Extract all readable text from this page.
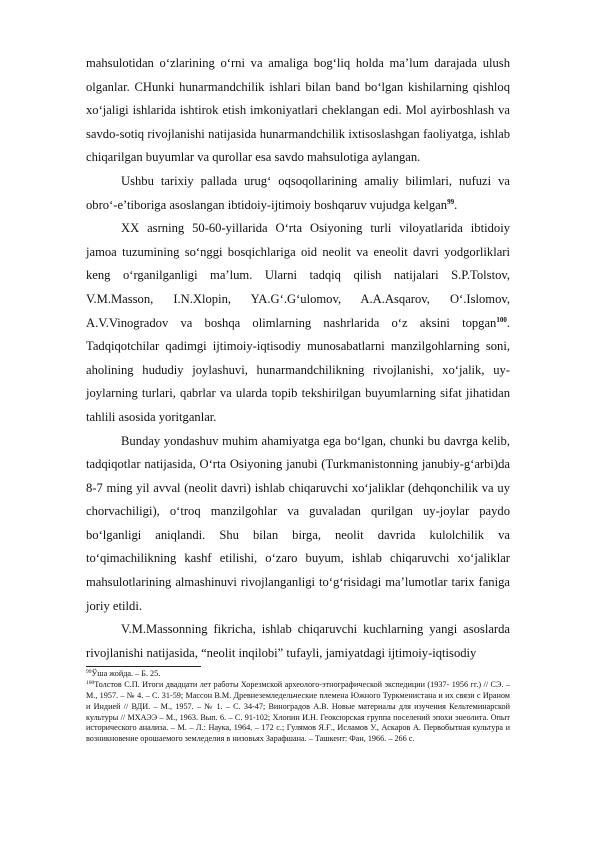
mahsulotidan o‘zlarining o‘rni va amaliga bog‘liq holda ma’lum darajada ulush olganlar. CHunki hunarmandchilik ishlari bilan band bo‘lgan kishilarning qishloq xo‘jaligi ishlarida ishtirok etish imkoniyatlari cheklangan edi. Mol ayirboshlash va savdo-sotiq rivojlanishi natijasida hunarmandchilik ixtisoslashgan faoliyatga, ishlab chiqarilgan buyumlar va qurollar esa savdo mahsulotiga aylangan.

Ushbu tarixiy pallada urug‘ oqsoqollarining amaliy bilimlari, nufuzi va obro‘-e’tiboriga asoslangan ibtidoiy-ijtimoiy boshqaruv vujudga kelgan$^{99}$.

XX asrning 50-60-yillarida O‘rta Osiyoning turli viloyatlarida ibtidoiy jamoa tuzumining so‘nggi bosqichlariga oid neolit va eneolit davri yodgorliklari keng o‘rganilganligi ma’lum. Ularni tadqiq qilish natijalari S.P.Tolstov, V.M.Masson, I.N.Xlopin, YA.G‘.G‘ulomov, A.A.Asqarov, O‘.Islomov, A.V.Vinogradov va boshqa olimlarning nashrlarida o‘z aksini topgan$^{100}$. Tadqiqotchilar qadimgi ijtimoiy-iqtisodiy munosabatlarni manzilgohlarning soni, aholining hududiy joylashuvi, hunarmandchilikning rivojlanishi, xo‘jalik, uy-joylarning turlari, qabrlar va ularda topib tekshirilgan buyumlarning sifat jihatidan tahlili asosida yoritganlar.

Bunday yondashuv muhim ahamiyatga ega bo‘lgan, chunki bu davrga kelib, tadqiqotlar natijasida, O‘rta Osiyoning janubi (Turkmanistonning janubiy-g‘arbi)da 8-7 ming yil avval (neolit davri) ishlab chiqaruvchi xo‘jaliklar (dehqonchilik va uy chorvachiligi), o‘troq manzilgohlar va guvaladan qurilgan uy-joylar paydo bo‘lganligi aniqlandi. Shu bilan birga, neolit davrida kulolchilik va to‘qimachilikning kashf etilishi, o‘zaro buyum, ishlab chiqaruvchi xo‘jaliklar mahsulotlarining almashinuvi rivojlanganligi to‘g‘risidagi ma’lumotlar tarix faniga joriy etildi.

V.M.Massonning fikricha, ishlab chiqaruvchi kuchlarning yangi asoslarda rivojlanishi natijasida, “neolit inqilobi” tufayli, jamiyatdagi ijtimoiy-iqtisodiy

$^{99}$Ўша жойда. – Б. 25.

$^{100}$Толстов С.П. Итоги двадцати лет работы Хорезмской археолого-этнографической экспедиции (1937- 1956 гг.) // СЭ. – М., 1957. – № 4. – С. 31-59; Массон В.М. Древнеземледельческие племена Южного Туркменистана и их связи с Ираном и Индией // ВДИ. – М., 1957. – № 1. – С. 34-47; Виноградов А.В. Новые материалы для изучения Кельтеминарской культуры // МХАЭЭ – М., 1963. Вып. 6. – С. 91-102; Хлопин И.Н. Геоксюрская группа поселений эпохи энеолита. Опыт исторического анализа. – М. – Л.: Наука, 1964. – 172 с.; Гулямов Я.Ғ., Исламов У., Аскаров А. Первобытная культура и возникновение орошаемого земледелия в низовьях Зарафшана. – Ташкент: Фан, 1966. – 266 с.
